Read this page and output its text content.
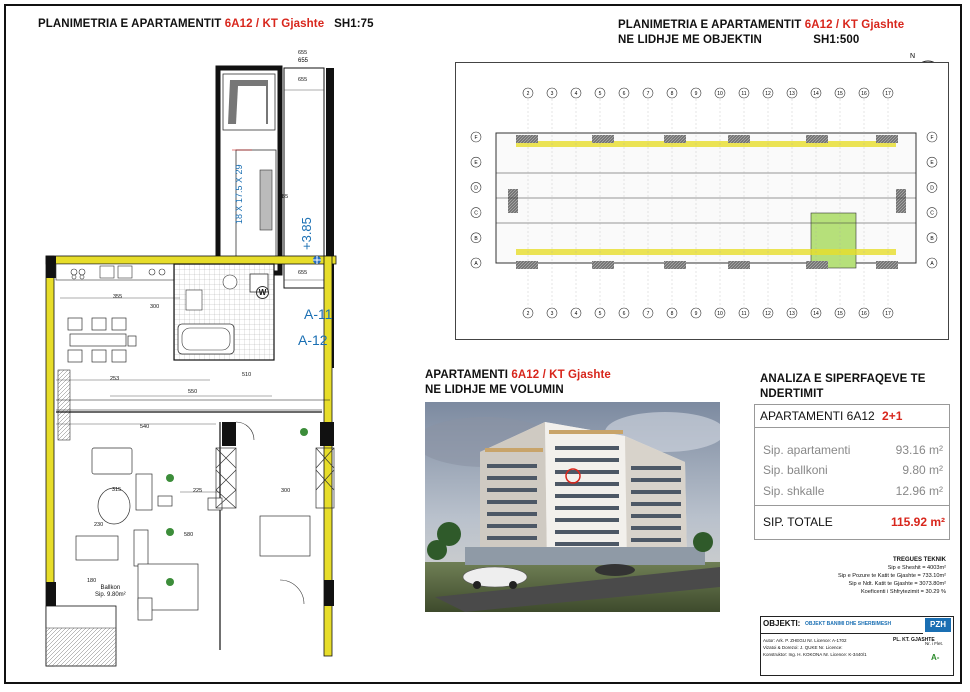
PLANIMETRIA E APARTAMENTIT 6A12 / KT Gjashte SH1:75	PLANIMETRIA E APARTAMENTIT 6A12 / KT Gjashte
NE LIDHJE ME OBJEKTIN	SH1:500
N
655
.
A-11
A-12
+3.85
18 X 17.5 X 29
Ballkon
Sip. 9.80m²
W
355
253
550
510
540
225	300
315
230
580
655
655
485
300
180
655
2
2
3
3
4
4
5
5
6
6
7
7
8
8
9
9
10
10
11
11
12
12
13
13
14
14
15
15
16
16
17
17
A	A
B	B
C	C
D	D
E	E
F	F
APARTAMENTI 6A12 / KT Gjashte
NE LIDHJE ME VOLUMIN
ANALIZA E SIPERFAQEVE TE
NDERTIMIT
APARTAMENTI 6A12 2+1
Sip. apartamenti	93.16 m²
Sip. ballkoni	9.80 m²
Sip. shkalle	12.96 m²
SIP. TOTALE	115.92 m²
TREGUES TEKNIK
Sip e Sheshit = 4003m²
Sip e Pozure te Katit te Gjashte = 733.10m²
Sip e Ndt. Katit te Gjashte = 3073.80m²
Koeficenti i Shfrytezimit = 30.29 %
OBJEKTI: OBJEKT BANIMI DHE SHERBIMESH	PZH
Autor: Ark. P. ZHEGU Nr. Licence: A-1702
Vizatoi & Dorezoi: J. QUKE Nr. Licence:
Konstruktor: Ing. H. KOKONA Nr. Licence: K-3440/1
PL. KT. GJASHTE
Nr. i Flet.
A-
